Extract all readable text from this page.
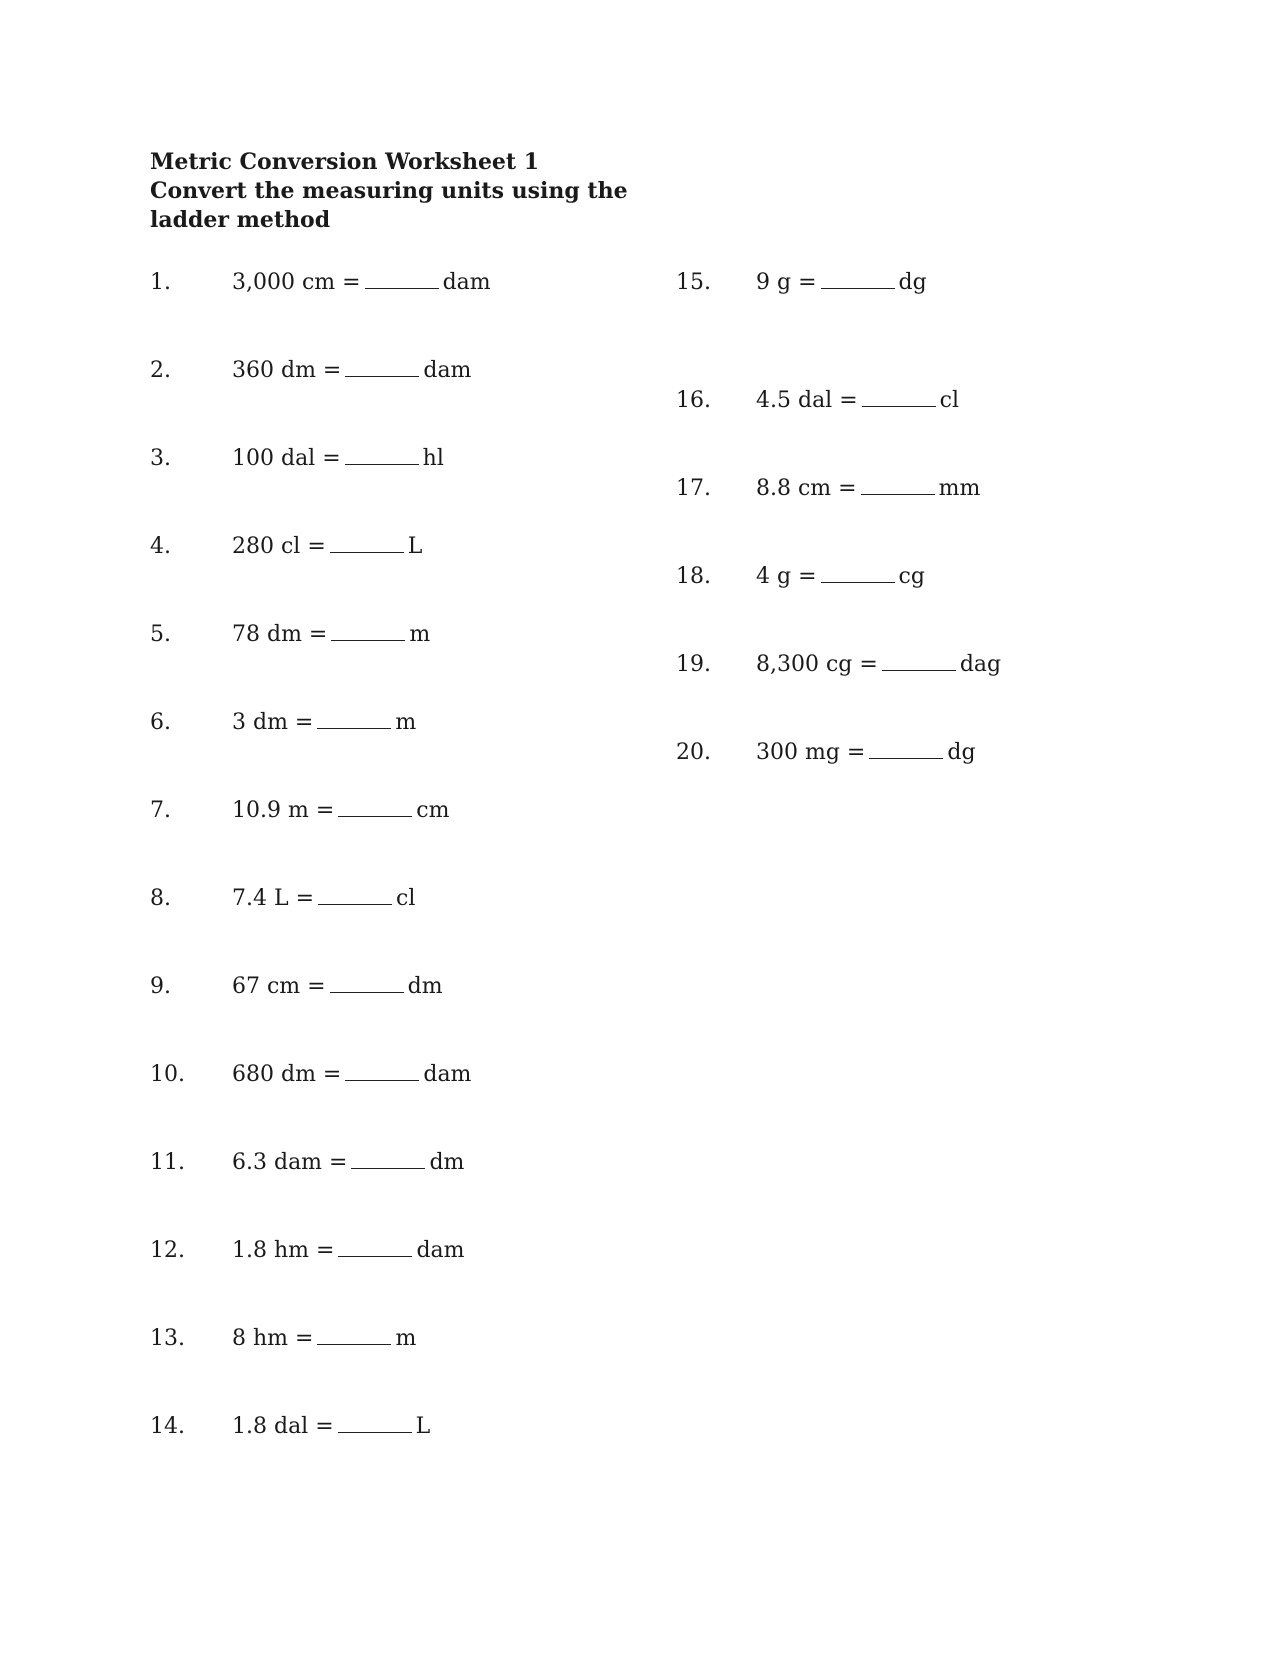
Metric Conversion Worksheet 1
Convert the measuring units using the
ladder method
1.	3,000 cm =	dam
2.	360 dm =	dam
3.	100 dal =	hl
4.	280 cl =	L
5.	78 dm =	m
6.	3 dm =	m
7.	10.9 m =	cm
8.	7.4 L =	cl
9.	67 cm =	dm
10. 680 dm =	dam
11. 6.3 dam =	dm
12. 1.8 hm =	dam
13. 8 hm =	m
14. 1.8 dal =	L
15. 9 g =	dg
16. 4.5 dal =	cl
17. 8.8 cm =	mm
18. 4 g =	cg
19. 8,300 cg =	dag
20. 300 mg =	dg
